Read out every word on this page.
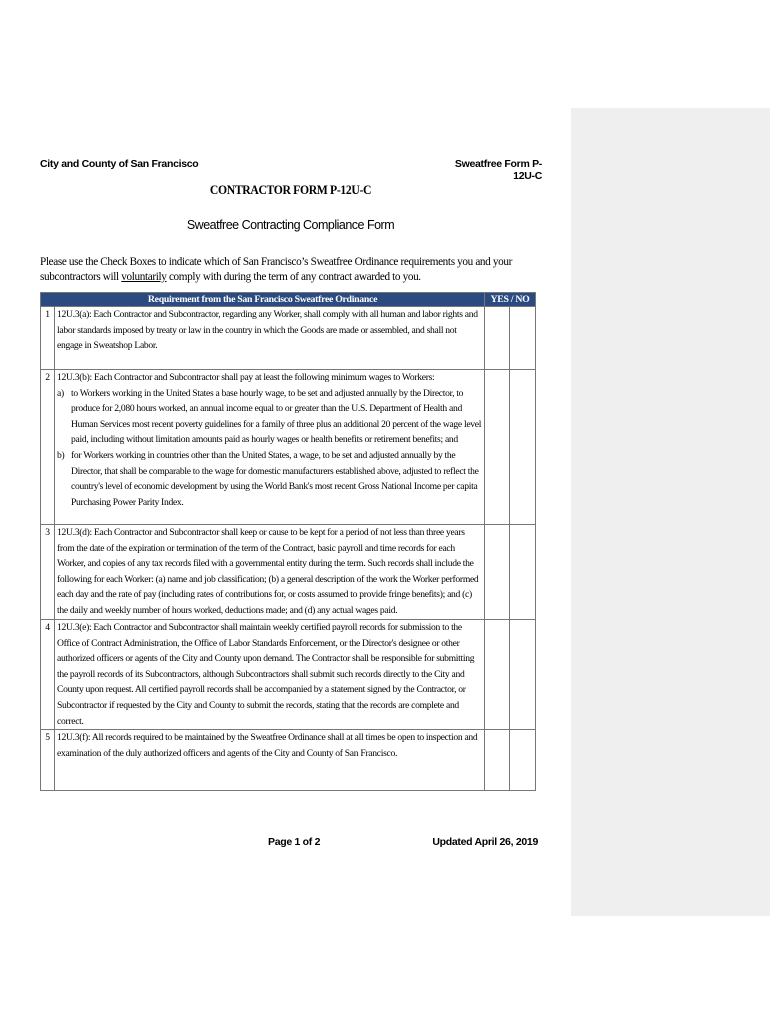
City and County of San Francisco	Sweatfree Form P-12U-C
CONTRACTOR FORM P-12U-C
Sweatfree Contracting Compliance Form
Please use the Check Boxes to indicate which of San Francisco’s Sweatfree Ordinance requirements you and your subcontractors will voluntarily comply with during the term of any contract awarded to you.
Requirement from the San Francisco Sweatfree Ordinance		YES / NO	
1	12U.3(a): Each Contractor and Subcontractor, regarding any Worker, shall comply with all human and labor rights and labor standards imposed by treaty or law in the country in which the Goods are made or assembled, and shall not engage in Sweatshop Labor.		
2	12U.3(b): Each Contractor and Subcontractor shall pay at least the following minimum wages to Workers:
a) to Workers working in the United States a base hourly wage, to be set and adjusted annually by the Director, to produce for 2,080 hours worked, an annual income equal to or greater than the U.S. Department of Health and Human Services most recent poverty guidelines for a family of three plus an additional 20 percent of the wage level paid, including without limitation amounts paid as hourly wages or health benefits or retirement benefits; and
b) for Workers working in countries other than the United States, a wage, to be set and adjusted annually by the Director, that shall be comparable to the wage for domestic manufacturers established above, adjusted to reflect the country's level of economic development by using the World Bank's most recent Gross National Income per capita Purchasing Power Parity Index.		

3	12U.3(d): Each Contractor and Subcontractor shall keep or cause to be kept for a period of not less than three years from the date of the expiration or termination of the term of the Contract, basic payroll and time records for each Worker, and copies of any tax records filed with a governmental entity during the term. Such records shall include the following for each Worker: (a) name and job classification; (b) a general description of the work the Worker performed each day and the rate of pay (including rates of contributions for, or costs assumed to provide fringe benefits); and (c) the daily and weekly number of hours worked, deductions made; and (d) any actual wages paid.		
4	12U.3(e): Each Contractor and Subcontractor shall maintain weekly certified payroll records for submission to the Office of Contract Administration, the Office of Labor Standards Enforcement, or the Director's designee or other authorized officers or agents of the City and County upon demand. The Contractor shall be responsible for submitting the payroll records of its Subcontractors, although Subcontractors shall submit such records directly to the City and County upon request. All certified payroll records shall be accompanied by a statement signed by the Contractor, or Subcontractor if requested by the City and County to submit the records, stating that the records are complete and correct.		
5	12U.3(f): All records required to be maintained by the Sweatfree Ordinance shall at all times be open to inspection and examination of the duly authorized officers and agents of the City and County of San Francisco.		
Page 1 of 2	Updated April 26, 2019
